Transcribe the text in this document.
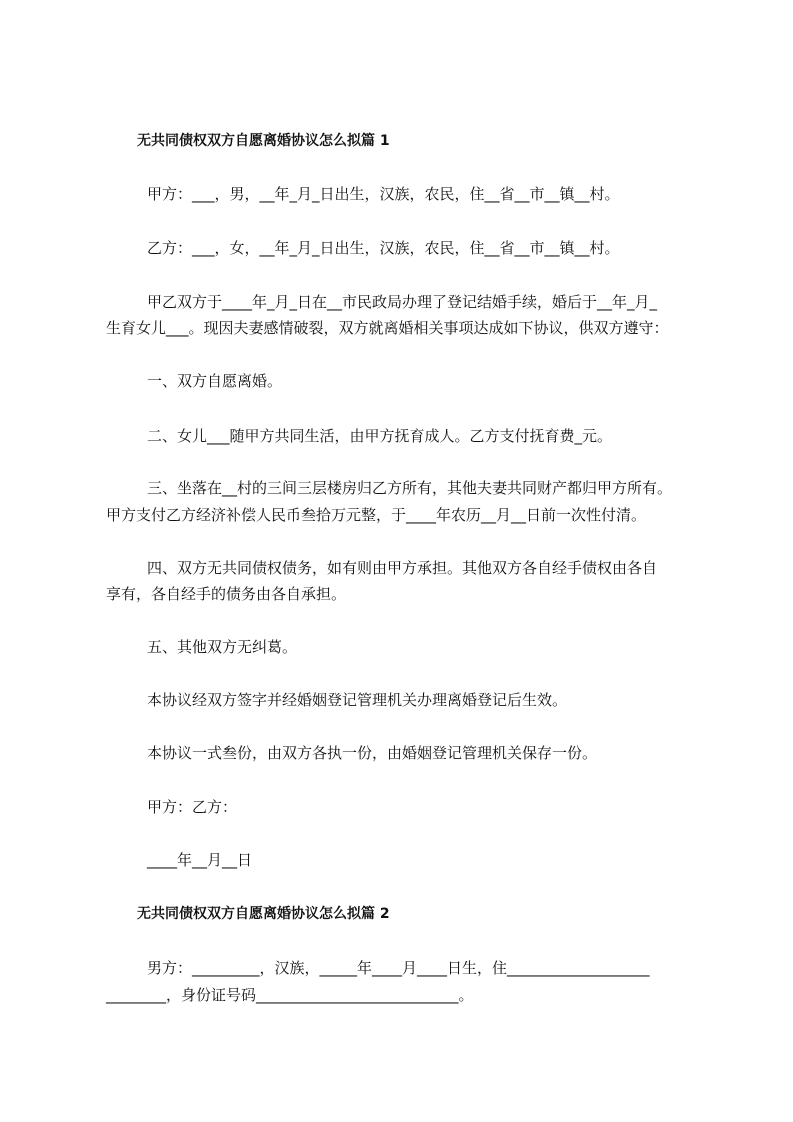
无共同债权双方自愿离婚协议怎么拟篇 1
甲方：___，男，__年_月_日出生，汉族，农民，住__省__市__镇__村。
乙方：___，女，__年_月_日出生，汉族，农民，住__省__市__镇__村。
甲乙双方于____年_月_日在__市民政局办理了登记结婚手续，婚后于__年_月_
生育女儿___。现因夫妻感情破裂，双方就离婚相关事项达成如下协议，供双方遵守：
一、双方自愿离婚。
二、女儿___随甲方共同生活，由甲方抚育成人。乙方支付抚育费_元。
三、坐落在__村的三间三层楼房归乙方所有，其他夫妻共同财产都归甲方所有。
甲方支付乙方经济补偿人民币叁拾万元整，于____年农历__月__日前一次性付清。
四、双方无共同债权债务，如有则由甲方承担。其他双方各自经手债权由各自
享有，各自经手的债务由各自承担。
五、其他双方无纠葛。
本协议经双方签字并经婚姻登记管理机关办理离婚登记后生效。
本协议一式叁份，由双方各执一份，由婚姻登记管理机关保存一份。
甲方：乙方：
____年__月__日
无共同债权双方自愿离婚协议怎么拟篇 2
男方：_________，汉族，_____年____月____日生，住___________________
________，身份证号码___________________________。
